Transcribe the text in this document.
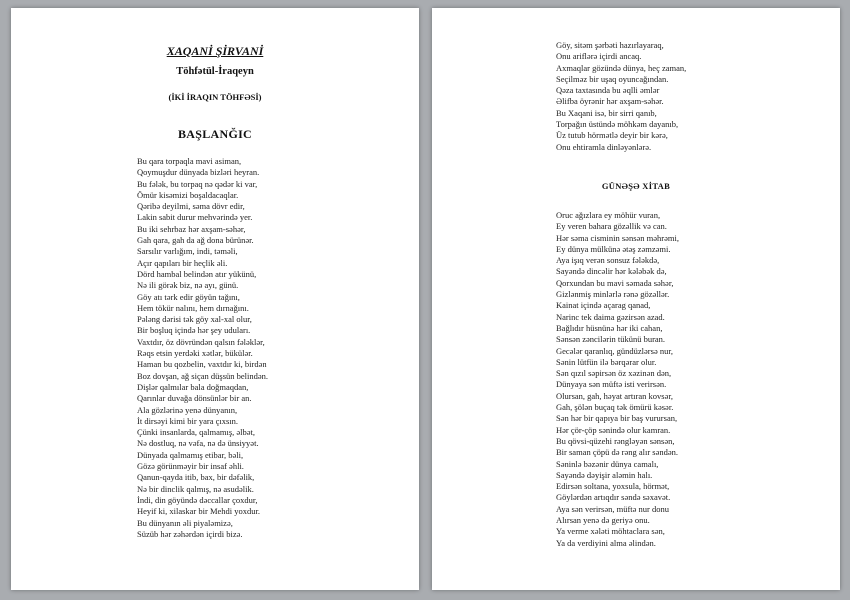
XAQANİ ŞİRVANİ
Töhfətül-İraqeyn
(İKİ İRAQIN TÖHFƏSİ)
BAŞLANĞIC
Bu qara torpaqla mavi asiman,
Qoymuşdur dünyada bizləri heyran.
Bu fələk, bu torpaq nə qədər ki var,
Ömür kisəmizi boşaldacaqlar.
Qəribə deyilmi, səma dövr edir,
Lakin sabit durur mehvərində yer.
Bu iki sehrbaz hər axşam-səhər,
Gah qara, gah da ağ dona bürünər.
Sarsılır varlığım, indi, təməli,
Açır qapıları bir heçlik əli.
Dörd hambal belindən atır yükünü,
Nə ili görək biz, nə ayı, günü.
Göy atı tərk edir göyün tağını,
Hem tökür nalını, hem dırnağını.
Pələng dərisi tək göy xal-xal olur,
Bir boşluq içində hər şey uduları.
Vaxtdır, öz dövründən qalsın fələklər,
Rəqs etsin yerdəki xətlər, bükülər.
Haman bu qozbelin, vaxtdır ki, birdən
Boz dovşan, ağ siçan düşsün belindən.
Dişlər qalmılar bala doğmaqdan,
Qarınlar duvağa dönsünlər bir an.
Ala gözlərinə yenə dünyanın,
İt dirsəyi kimi bir yara çıxsın.
Çünki insanlarda, qalmamış, əlbət,
Nə dostluq, nə vəfa, nə də ünsiyyət.
Dünyada qalmamış etibar, bəli,
Gözə görünməyir bir insaf əhli.
Qanun-qayda itib, bax, bir dəfəlik,
Nə bir dinclik qalmış, nə asudəlik.
İndi, din göyündə dəccallar çoxdur,
Heyif ki, xilaskar bir Mehdi yoxdur.
Bu dünyanın əli piyaləmizə,
Süzüb hər zəhərdən içirdi bizə.
Göy, sitəm şərbəti hazırlayaraq,
Onu ariflərə içirdi ancaq.
Axmaqlar gözündə dünya, heç zaman,
Seçilməz bir uşaq oyuncağından.
Qəza taxtasında bu əqlli əmlər
Əlifba öyrənir hər axşam-səhər.
Bu Xaqani isə, bir sirri qanıb,
Torpağın üstündə möhkəm dayanıb,
Üz tutub hörmətlə deyir bir kərə,
Onu ehtiramla dinləyənlərə.
GÜNƏŞƏ XİTAB
Oruc ağızlara ey möhür vuran,
Ey veren bahara gözəllik və can.
Hər səma cisminin sənsən məhrəmi,
Ey dünya mülkünə ətəş zəmzəmi.
Aya işıq verən sonsuz fələkdə,
Sayəndə dincəlir hər kələbək də,
Qorxundan bu mavi səmada səhər,
Gizlənmiş minlərlə rənə gözəllər.
Kainat içində açarag qanad,
Narinc tek daima gəzirsən azad.
Bağlıdır hüsnünə hər iki cahan,
Sənsən zəncilərin tükünü buran.
Gecələr qaranlıq, gündüzlərsə nur,
Sənin lütfün ilə bərqərar olur.
Sən qızıl səpirsən öz xəzinən dən,
Dünyaya sən müftə isti verirsən.
Olursan, gah, həyat artıran kovsər,
Gah, şölən buçaq tək ömürü kəsər.
Sən hər bir qapıya bir baş vurursan,
Hər çör-çöp sənində olur kamran.
Bu qövsi-qüzehi rəngləyən sənsən,
Bir saman çöpü də rəng alır səndən.
Səninlə bəzənir dünya camalı,
Sayəndə dəyişir aləmin halı.
Edirsən soltana, yoxsula, hörmət,
Göylərdən artıqdır səndə səxavət.
Aya sən verirsən, müftə nur donu
Alırsan yenə də geriyə onu.
Ya verme xələti möhtaclara sən,
Ya da verdiyini alma əlindən.
